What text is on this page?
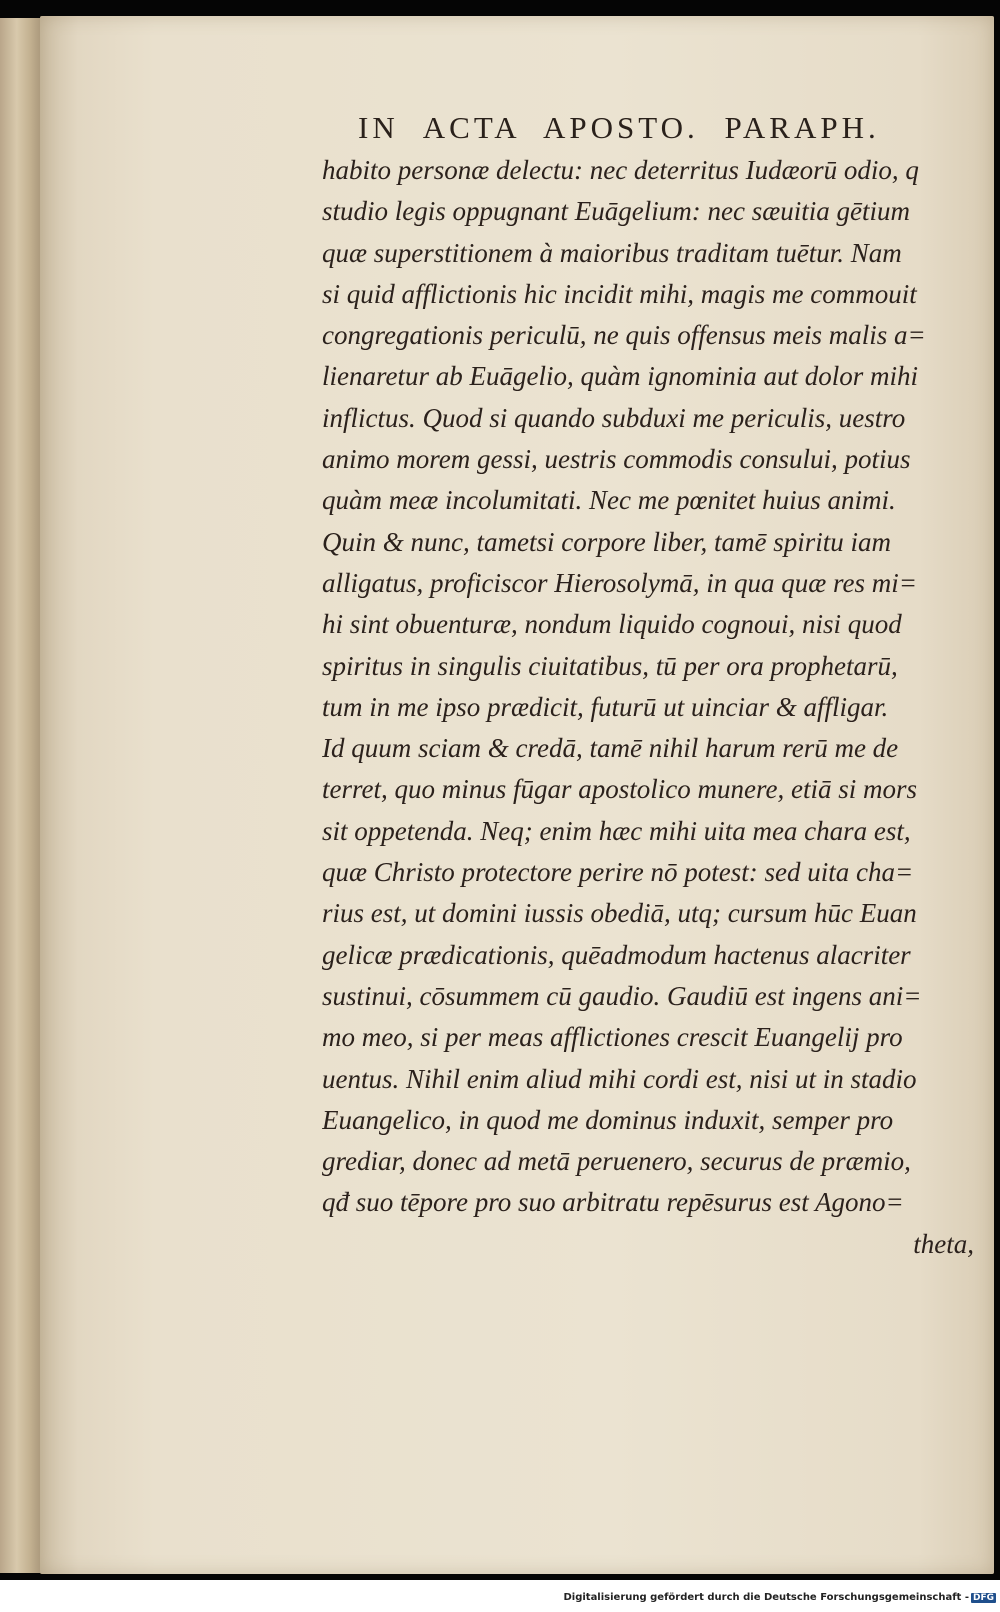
IN ACTA APOSTO. PARAPH.
habito personæ delectu: nec deterritus Iudæorū odio, q
studio legis oppugnant Euāgelium: nec sæuitia gētium
quæ superstitionem à maioribus traditam tuētur. Nam
si quid afflictionis hic incidit mihi, magis me commouit
congregationis periculū, ne quis offensus meis malis a=
lienaretur ab Euāgelio, quàm ignominia aut dolor mihi
inflictus. Quod si quando subduxi me periculis, uestro
animo morem gessi, uestris commodis consului, potius
quàm meæ incolumitati. Nec me pœnitet huius animi.
Quin & nunc, tametsi corpore liber, tamē spiritu iam
alligatus, proficiscor Hierosolymā, in qua quæ res mi=
hi sint obuenturæ, nondum liquido cognoui, nisi quod
spiritus in singulis ciuitatibus, tū per ora prophetarū,
tum in me ipso prædicit, futurū ut uinciar & affligar.
Id quum sciam & credā, tamē nihil harum rerū me de
terret, quo minus fūgar apostolico munere, etiā si mors
sit oppetenda. Neq; enim hæc mihi uita mea chara est,
quæ Christo protectore perire nō potest: sed uita cha=
rius est, ut domini iussis obediā, utq; cursum hūc Euan
gelicæ prædicationis, quēadmodum hactenus alacriter
sustinui, cōsummem cū gaudio. Gaudiū est ingens ani=
mo meo, si per meas afflictiones crescit Euangelij pro
uentus. Nihil enim aliud mihi cordi est, nisi ut in stadio
Euangelico, in quod me dominus induxit, semper pro
grediar, donec ad metā peruenero, securus de præmio,
qđ suo tēpore pro suo arbitratu repēsurus est Agono=
theta,
Digitalisierung gefördert durch die Deutsche Forschungsgemeinschaft - DFG
